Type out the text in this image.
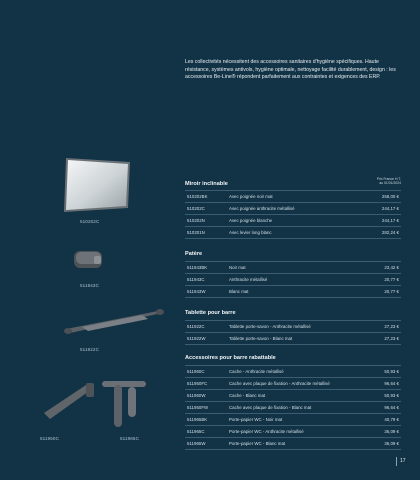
Les collectivités nécessitent des accessoires sanitaires d'hygiène spécifiques. Haute résistance, systèmes antivols, hygiène optimale, nettoyage facilité durablement, design : les accessoires Be-Line® répondent parfaitement aux contraintes et exigences des ERP.
510202C
511943C
511922C
511950C	511965C
Prix France H.T.
au 01/01/2024
Miroir inclinable
510202BK	Avec poignée noir mat	258,00 €
510202C	Avec poignée anthracite métallisé	244,17 €
510202N	Avec poignée blanche	244,17 €
510201N	Avec levier long blanc	282,24 €
Patère
511943BK	Noir mat	23,42 €
511943C	Anthracite métallisé	20,77 €
511943W	Blanc mat	20,77 €
Tablette pour barre
511922C	Tablette porte-savon - Anthracite métallisé	27,23 €
511922W	Tablette porte-savon - Blanc mat	27,23 €
Accessoires pour barre rabattable
511950C	Cache - Anthracite métallisé	50,93 €
511950FC	Cache avec plaque de fixation - Anthracite métallisé	96,64 €
511950W	Cache - Blanc mat	50,93 €
511950FW	Cache avec plaque de fixation - Blanc mat	96,64 €
511965BK	Porte-papier WC - Noir mat	40,79 €
511965C	Porte-papier WC - Anthracite métallisé	36,09 €
511965W	Porte-papier WC - Blanc mat	36,09 €
17
